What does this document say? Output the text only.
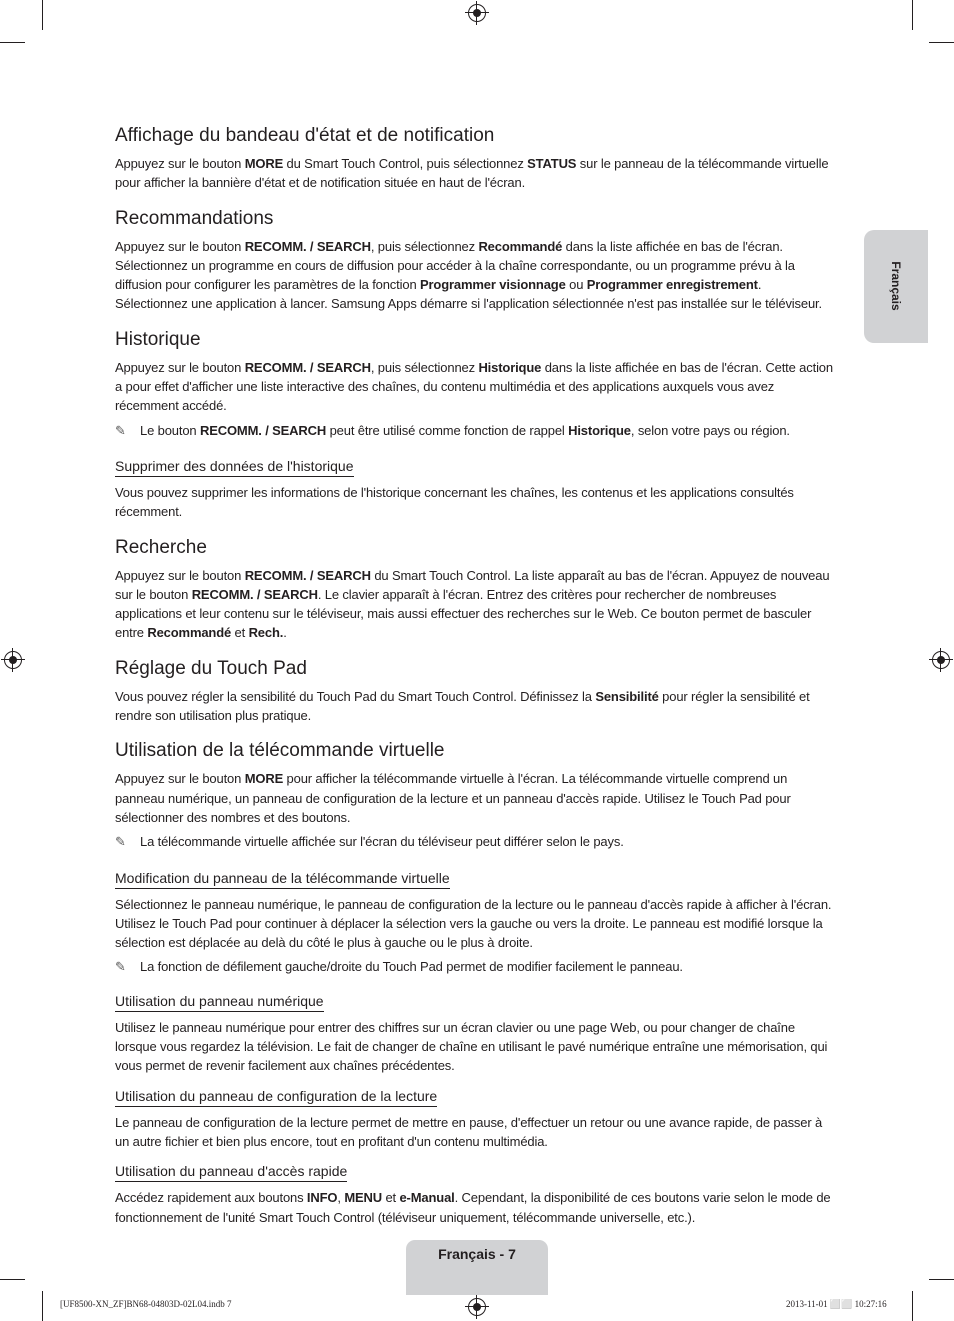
Français
Affichage du bandeau d'état et de notification

Appuyez sur le bouton MORE du Smart Touch Control, puis sélectionnez STATUS sur le panneau de la télécommande virtuelle pour afficher la bannière d'état et de notification située en haut de l'écran.

Recommandations

Appuyez sur le bouton RECOMM. / SEARCH, puis sélectionnez Recommandé dans la liste affichée en bas de l'écran.

Sélectionnez un programme en cours de diffusion pour accéder à la chaîne correspondante, ou un programme prévu à la diffusion pour configurer les paramètres de la fonction Programmer visionnage ou Programmer enregistrement.

Sélectionnez une application à lancer. Samsung Apps démarre si l'application sélectionnée n'est pas installée sur le téléviseur.

Historique

Appuyez sur le bouton RECOMM. / SEARCH, puis sélectionnez Historique dans la liste affichée en bas de l'écran. Cette action a pour effet d'afficher une liste interactive des chaînes, du contenu multimédia et des applications auxquels vous avez récemment accédé.

✎ Le bouton RECOMM. / SEARCH peut être utilisé comme fonction de rappel Historique, selon votre pays ou région.
Supprimer des données de l'historique

Vous pouvez supprimer les informations de l'historique concernant les chaînes, les contenus et les applications consultés récemment.

Recherche

Appuyez sur le bouton RECOMM. / SEARCH du Smart Touch Control. La liste apparaît au bas de l'écran. Appuyez de nouveau sur le bouton RECOMM. / SEARCH. Le clavier apparaît à l'écran. Entrez des critères pour rechercher de nombreuses applications et leur contenu sur le téléviseur, mais aussi effectuer des recherches sur le Web. Ce bouton permet de basculer entre Recommandé et Rech..

Réglage du Touch Pad

Vous pouvez régler la sensibilité du Touch Pad du Smart Touch Control. Définissez la Sensibilité pour régler la sensibilité et rendre son utilisation plus pratique.

Utilisation de la télécommande virtuelle

Appuyez sur le bouton MORE pour afficher la télécommande virtuelle à l'écran. La télécommande virtuelle comprend un panneau numérique, un panneau de configuration de la lecture et un panneau d'accès rapide. Utilisez le Touch Pad pour sélectionner des nombres et des boutons.

✎ La télécommande virtuelle affichée sur l'écran du téléviseur peut différer selon le pays.
Modification du panneau de la télécommande virtuelle

Sélectionnez le panneau numérique, le panneau de configuration de la lecture ou le panneau d'accès rapide à afficher à l'écran.

Utilisez le Touch Pad pour continuer à déplacer la sélection vers la gauche ou vers la droite. Le panneau est modifié lorsque la sélection est déplacée au delà du côté le plus à gauche ou le plus à droite.

✎ La fonction de défilement gauche/droite du Touch Pad permet de modifier facilement le panneau.
Utilisation du panneau numérique

Utilisez le panneau numérique pour entrer des chiffres sur un écran clavier ou une page Web, ou pour changer de chaîne lorsque vous regardez la télévision. Le fait de changer de chaîne en utilisant le pavé numérique entraîne une mémorisation, qui vous permet de revenir facilement aux chaînes précédentes.

Utilisation du panneau de configuration de la lecture

Le panneau de configuration de la lecture permet de mettre en pause, d'effectuer un retour ou une avance rapide, de passer à un autre fichier et bien plus encore, tout en profitant d'un contenu multimédia.

Utilisation du panneau d'accès rapide

Accédez rapidement aux boutons INFO, MENU et e-Manual. Cependant, la disponibilité de ces boutons varie selon le mode de fonctionnement de l'unité Smart Touch Control (téléviseur uniquement, télécommande universelle, etc.).

Français - 7
[UF8500-XN_ZF]BN68-04803D-02L04.indb 7	2013-11-01 ⬜⬜ 10:27:16
